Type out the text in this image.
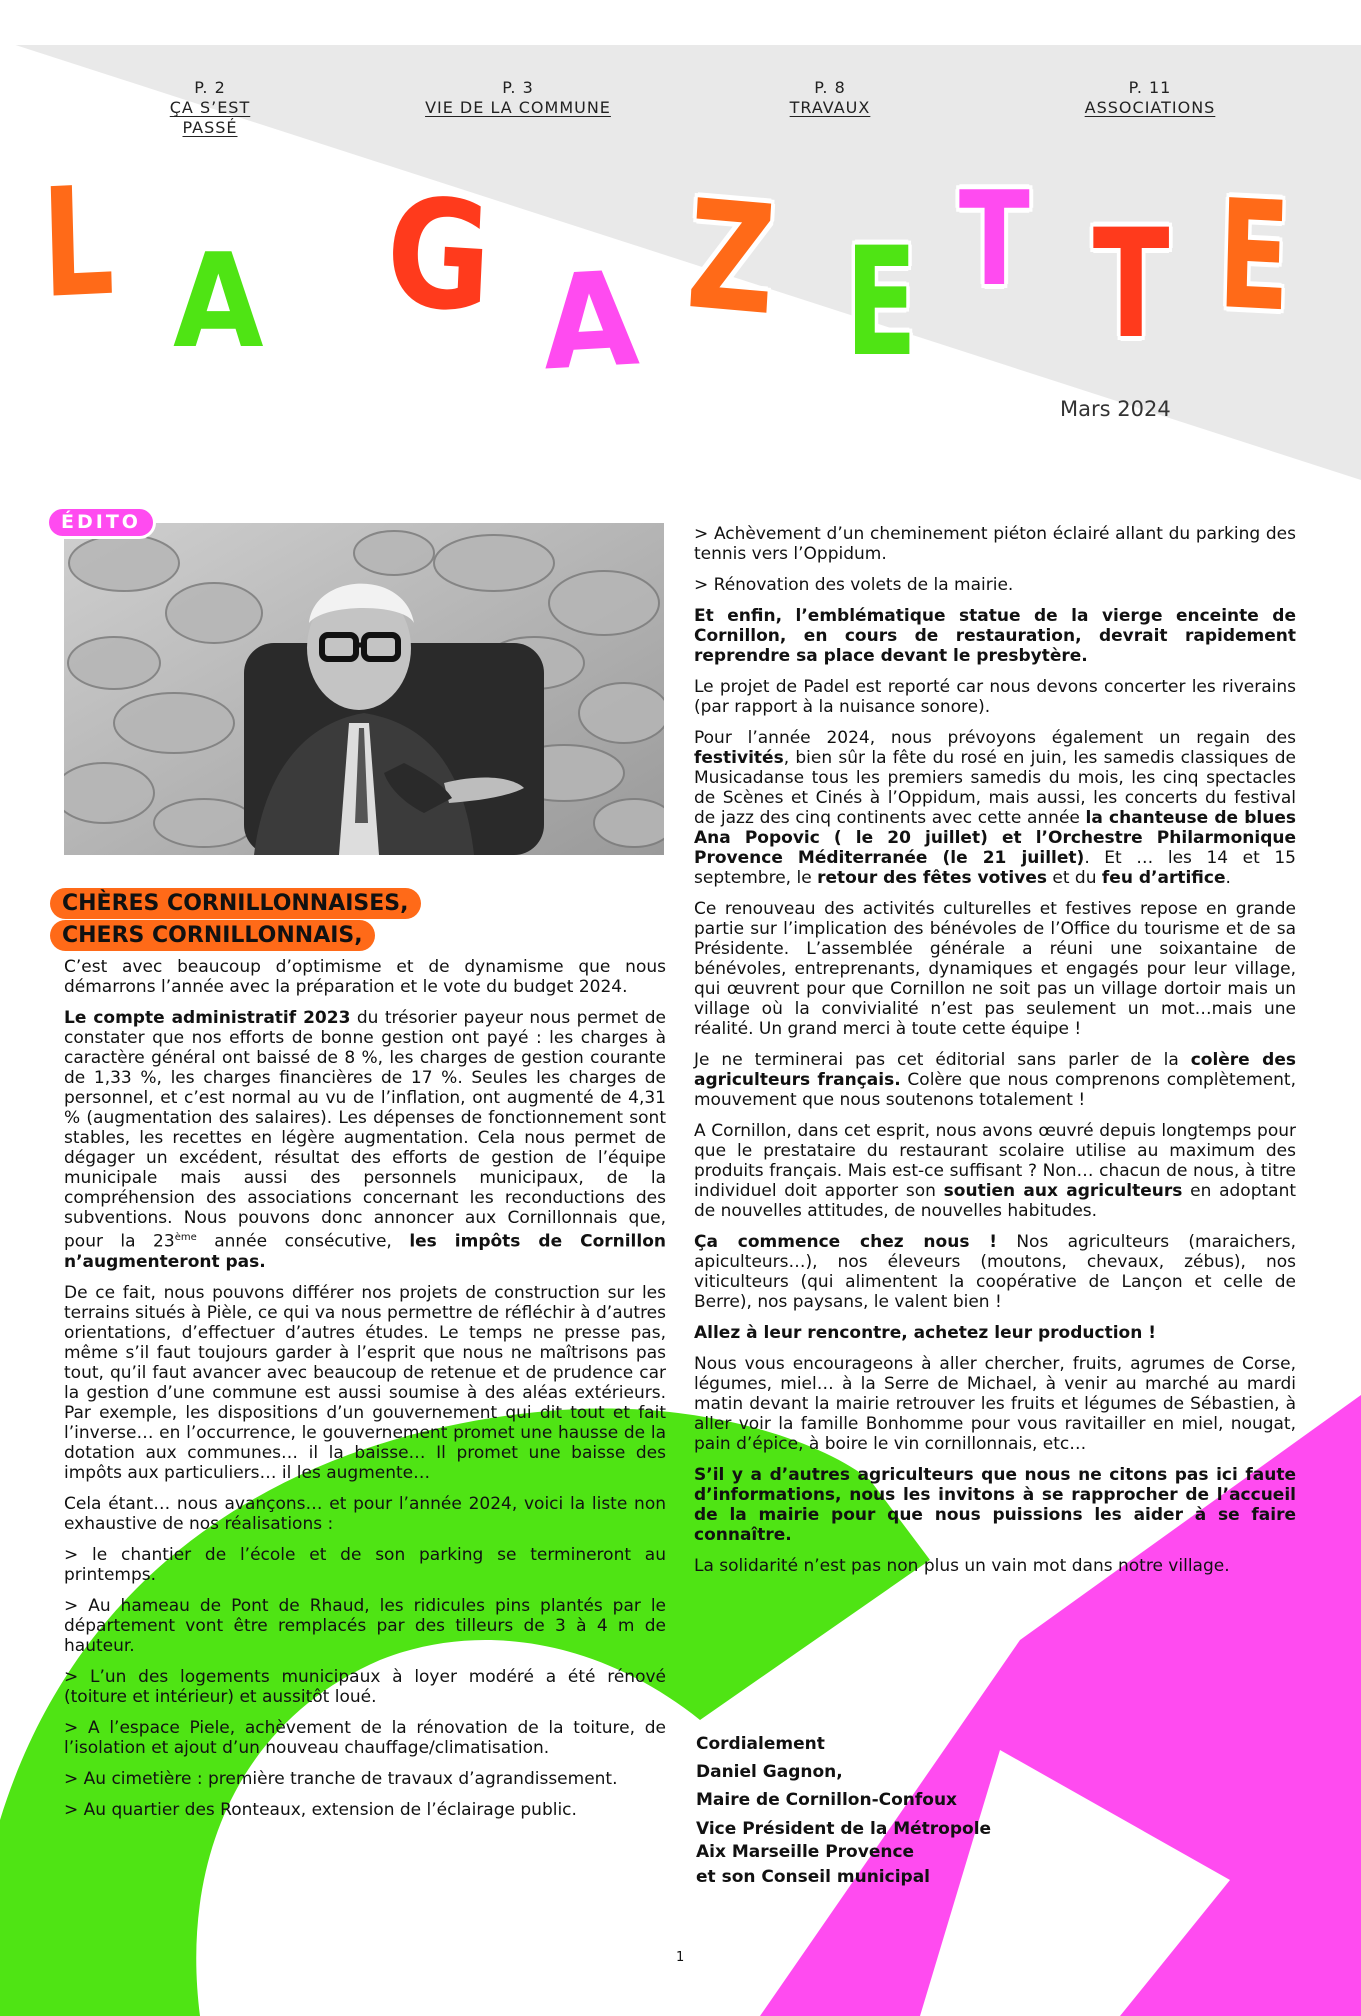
P. 2
ÇA S’EST PASSÉ
P. 3
VIE DE LA COMMUNE
P. 8
TRAVAUX
P. 11
ASSOCIATIONS
L A G A Z E T T E
Mars 2024
ÉDITO
CHÈRES CORNILLONNAISES,
CHERS CORNILLONNAIS,

C’est avec beaucoup d’optimisme et de dynamisme que nous démarrons l’année avec la préparation et le vote du budget 2024.

Le compte administratif 2023 du trésorier payeur nous permet de constater que nos efforts de bonne gestion ont payé : les charges à caractère général ont baissé de 8 %, les charges de gestion courante de 1,33 %, les charges financières de 17 %. Seules les charges de personnel, et c’est normal au vu de l’inflation, ont augmenté de 4,31 % (augmentation des salaires). Les dépenses de fonctionnement sont stables, les recettes en légère augmentation. Cela nous permet de dégager un excédent, résultat des efforts de gestion de l’équipe municipale mais aussi des personnels municipaux, de la compréhension des associations concernant les reconductions des subventions. Nous pouvons donc annoncer aux Cornillonnais que, pour la 23ème année consécutive, les impôts de Cornillon n’augmenteront pas.

De ce fait, nous pouvons différer nos projets de construction sur les terrains situés à Pièle, ce qui va nous permettre de réfléchir à d’autres orientations, d’effectuer d’autres études. Le temps ne presse pas, même s’il faut toujours garder à l’esprit que nous ne maîtrisons pas tout, qu’il faut avancer avec beaucoup de retenue et de prudence car la gestion d’une commune est aussi soumise à des aléas extérieurs. Par exemple, les dispositions d’un gouvernement qui dit tout et fait l’inverse… en l’occurrence, le gouvernement promet une hausse de la dotation aux communes… il la baisse… Il promet une baisse des impôts aux particuliers… il les augmente…

Cela étant… nous avançons… et pour l’année 2024, voici la liste non exhaustive de nos réalisations :

> le chantier de l’école et de son parking se termineront au printemps.

> Au hameau de Pont de Rhaud, les ridicules pins plantés par le département vont être remplacés par des tilleurs de 3 à 4 m de hauteur.

> L’un des logements municipaux à loyer modéré a été rénové (toiture et intérieur) et aussitôt loué.

> A l’espace Piele, achèvement de la rénovation de la toiture, de l’isolation et ajout d’un nouveau chauffage/climatisation.

> Au cimetière : première tranche de travaux d’agrandissement.

> Au quartier des Ronteaux, extension de l’éclairage public.

> Achèvement d’un cheminement piéton éclairé allant du parking des tennis vers l’Oppidum.

> Rénovation des volets de la mairie.

Et enfin, l’emblématique statue de la vierge enceinte de Cornillon, en cours de restauration, devrait rapidement reprendre sa place devant le presbytère.

Le projet de Padel est reporté car nous devons concerter les riverains (par rapport à la nuisance sonore).

Pour l’année 2024, nous prévoyons également un regain des festivités, bien sûr la fête du rosé en juin, les samedis classiques de Musicadanse tous les premiers samedis du mois, les cinq spectacles de Scènes et Cinés à l’Oppidum, mais aussi, les concerts du festival de jazz des cinq continents avec cette année la chanteuse de blues Ana Popovic ( le 20 juillet) et l’Orchestre Philarmonique Provence Méditerranée (le 21 juillet). Et … les 14 et 15 septembre, le retour des fêtes votives et du feu d’artifice.

Ce renouveau des activités culturelles et festives repose en grande partie sur l’implication des bénévoles de l’Office du tourisme et de sa Présidente. L’assemblée générale a réuni une soixantaine de bénévoles, entreprenants, dynamiques et engagés pour leur village, qui œuvrent pour que Cornillon ne soit pas un village dortoir mais un village où la convivialité n’est pas seulement un mot…mais une réalité. Un grand merci à toute cette équipe !

Je ne terminerai pas cet éditorial sans parler de la colère des agriculteurs français. Colère que nous comprenons complètement, mouvement que nous soutenons totalement !

A Cornillon, dans cet esprit, nous avons œuvré depuis longtemps pour que le prestataire du restaurant scolaire utilise au maximum des produits français. Mais est-ce suffisant ? Non… chacun de nous, à titre individuel doit apporter son soutien aux agriculteurs en adoptant de nouvelles attitudes, de nouvelles habitudes.

Ça commence chez nous ! Nos agriculteurs (maraichers, apiculteurs…), nos éleveurs (moutons, chevaux, zébus), nos viticulteurs (qui alimentent la coopérative de Lançon et celle de Berre), nos paysans, le valent bien !

Allez à leur rencontre, achetez leur production !

Nous vous encourageons à aller chercher, fruits, agrumes de Corse, légumes, miel… à la Serre de Michael, à venir au marché au mardi matin devant la mairie retrouver les fruits et légumes de Sébastien, à aller voir la famille Bonhomme pour vous ravitailler en miel, nougat, pain d’épice, à boire le vin cornillonnais, etc…

S’il y a d’autres agriculteurs que nous ne citons pas ici faute d’informations, nous les invitons à se rapprocher de l’accueil de la mairie pour que nous puissions les aider à se faire connaître.

La solidarité n’est pas non plus un vain mot dans notre village.

Cordialement
Daniel Gagnon,
Maire de Cornillon-Confoux
Vice Président de la Métropole
Aix Marseille Provence
et son Conseil municipal
1
